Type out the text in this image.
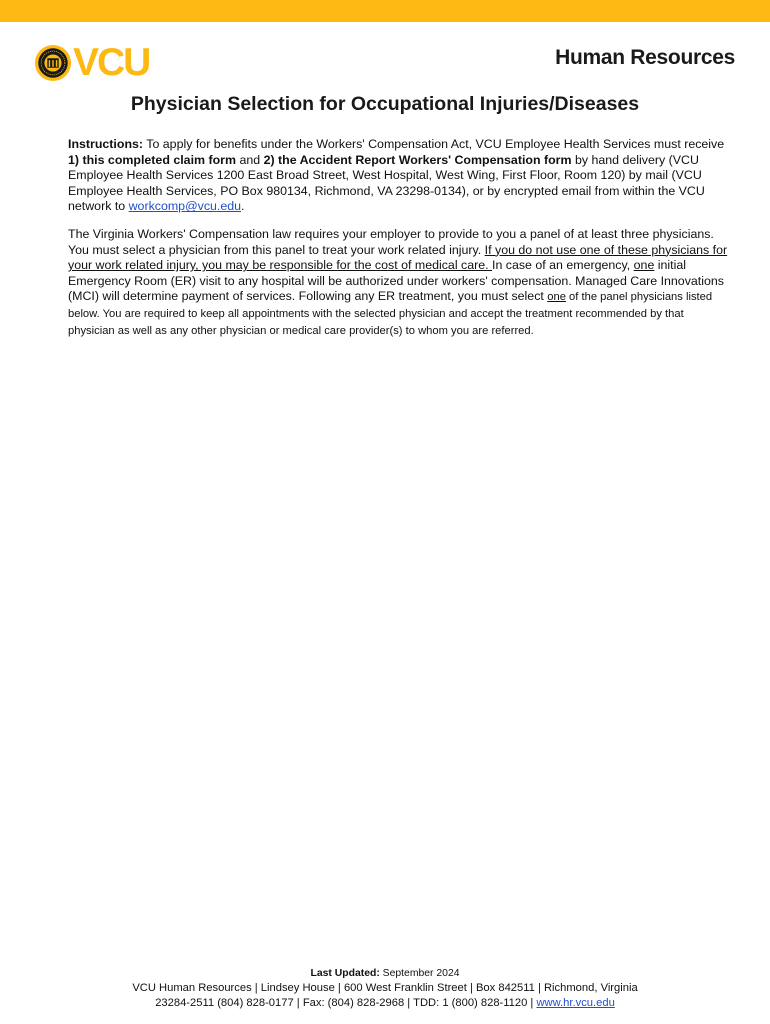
VCU	Human Resources
Physician Selection for Occupational Injuries/Diseases
Instructions: To apply for benefits under the Workers' Compensation Act, VCU Employee Health Services must receive 1) this completed claim form and 2) the Accident Report Workers' Compensation form by hand delivery (VCU Employee Health Services 1200 East Broad Street, West Hospital, West Wing, First Floor, Room 120) by mail (VCU Employee Health Services, PO Box 980134, Richmond, VA 23298-0134), or by encrypted email from within the VCU network to workcomp@vcu.edu.
The Virginia Workers' Compensation law requires your employer to provide to you a panel of at least three physicians. You must select a physician from this panel to treat your work related injury. If you do not use one of these physicians for your work related injury, you may be responsible for the cost of medical care. In case of an emergency, one initial Emergency Room (ER) visit to any hospital will be authorized under workers' compensation. Managed Care Innovations (MCI) will determine payment of services. Following any ER treatment, you must select one of the panel physicians listed below. You are required to keep all appointments with the selected physician and accept the treatment recommended by that physician as well as any other physician or medical care provider(s) to whom you are referred.
Last Updated: September 2024
VCU Human Resources | Lindsey House | 600 West Franklin Street | Box 842511 | Richmond, Virginia
23284-2511 (804) 828-0177 | Fax: (804) 828-2968 | TDD: 1 (800) 828-1120 | www.hr.vcu.edu
